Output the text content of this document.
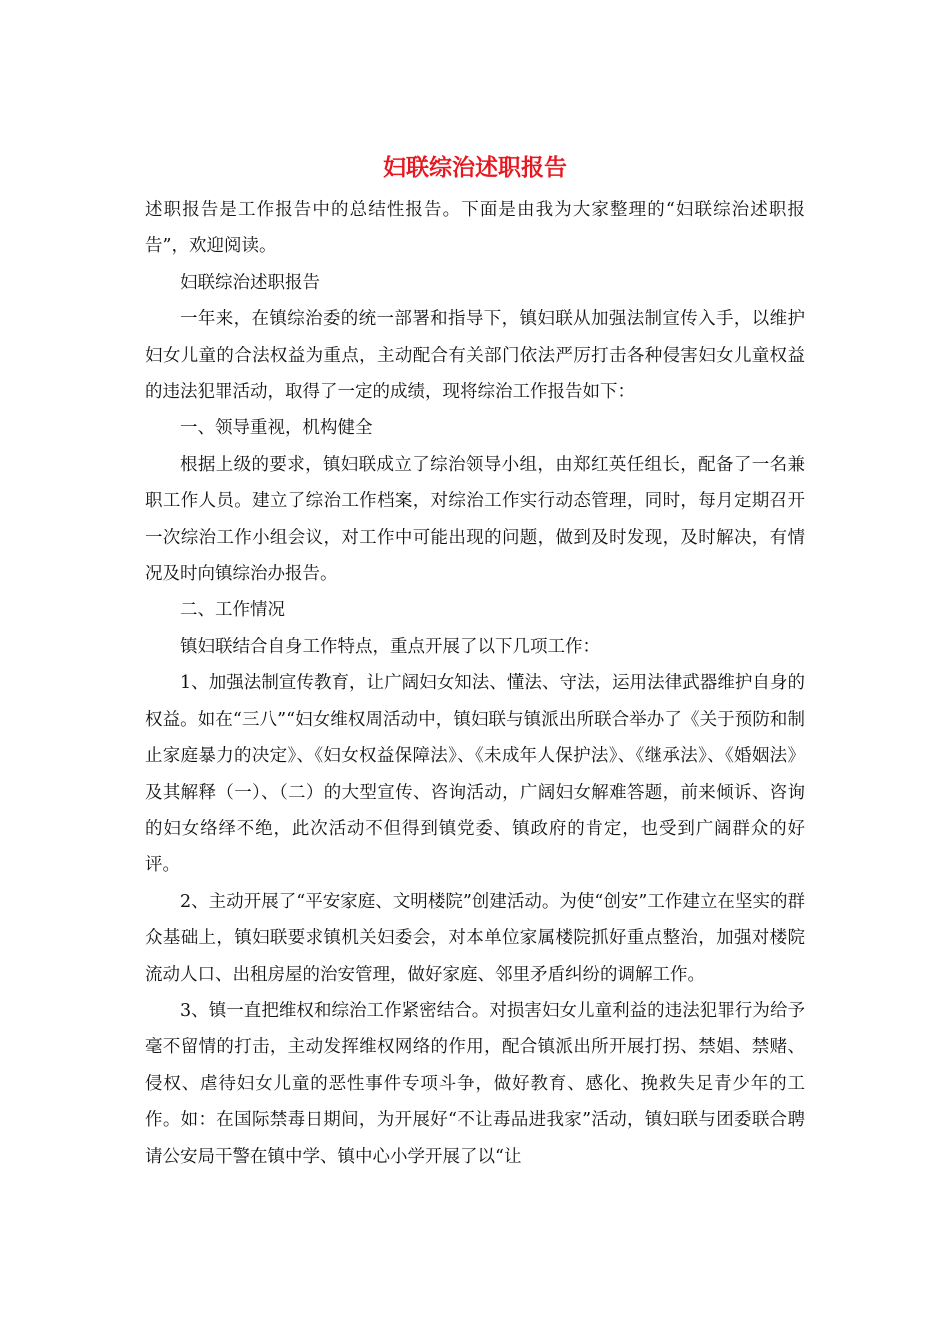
妇联综治述职报告

述职报告是工作报告中的总结性报告。下面是由我为大家整理的“妇联综治述职报告”，欢迎阅读。

妇联综治述职报告

一年来，在镇综治委的统一部署和指导下，镇妇联从加强法制宣传入手，以维护妇女儿童的合法权益为重点，主动配合有关部门依法严厉打击各种侵害妇女儿童权益的违法犯罪活动，取得了一定的成绩，现将综治工作报告如下：

一、领导重视，机构健全

根据上级的要求，镇妇联成立了综治领导小组，由郑红英任组长，配备了一名兼职工作人员。建立了综治工作档案，对综治工作实行动态管理，同时，每月定期召开一次综治工作小组会议，对工作中可能出现的问题，做到及时发现，及时解决，有情况及时向镇综治办报告。

二、工作情况

镇妇联结合自身工作特点，重点开展了以下几项工作：

1、加强法制宣传教育，让广阔妇女知法、懂法、守法，运用法律武器维护自身的权益。如在“三八”“妇女维权周活动中，镇妇联与镇派出所联合举办了《关于预防和制止家庭暴力的决定》、《妇女权益保障法》、《未成年人保护法》、《继承法》、《婚姻法》及其解释（一）、（二）的大型宣传、咨询活动，广阔妇女解难答题，前来倾诉、咨询的妇女络绎不绝，此次活动不但得到镇党委、镇政府的肯定，也受到广阔群众的好评。

2、主动开展了“平安家庭、文明楼院”创建活动。为使“创安”工作建立在坚实的群众基础上，镇妇联要求镇机关妇委会，对本单位家属楼院抓好重点整治，加强对楼院流动人口、出租房屋的治安管理，做好家庭、邻里矛盾纠纷的调解工作。

3、镇一直把维权和综治工作紧密结合。对损害妇女儿童利益的违法犯罪行为给予毫不留情的打击，主动发挥维权网络的作用，配合镇派出所开展打拐、禁娼、禁赌、侵权、虐待妇女儿童的恶性事件专项斗争，做好教育、感化、挽救失足青少年的工作。如：在国际禁毒日期间，为开展好“不让毒品进我家”活动，镇妇联与团委联合聘请公安局干警在镇中学、镇中心小学开展了以“让
